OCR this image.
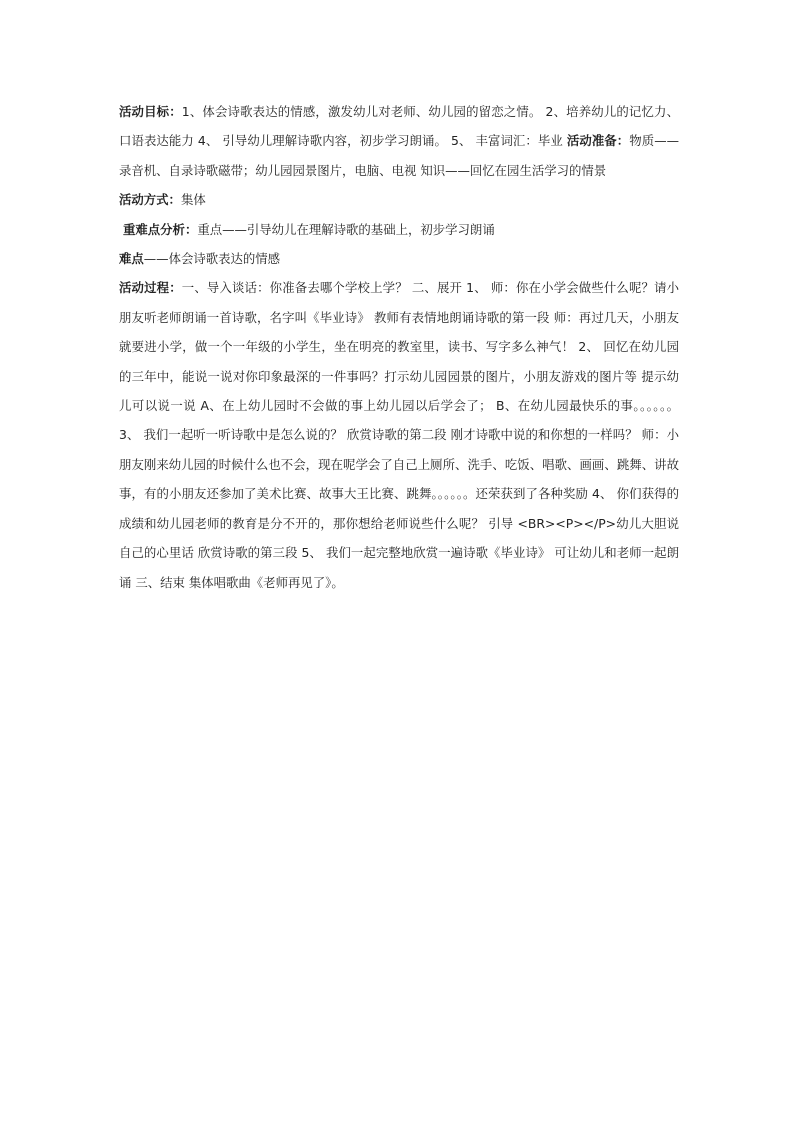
活动目标：1、体会诗歌表达的情感，激发幼儿对老师、幼儿园的留恋之情。 2、培养幼儿的记忆力、口语表达能力 4、 引导幼儿理解诗歌内容，初步学习朗诵。 5、 丰富词汇：毕业 活动准备：物质——录音机、自录诗歌磁带；幼儿园园景图片，电脑、电视 知识——回忆在园生活学习的情景

活动方式：集体

重难点分析：重点——引导幼儿在理解诗歌的基础上，初步学习朗诵

难点——体会诗歌表达的情感

活动过程：一、导入谈话：你准备去哪个学校上学？ 二、展开 1、 师：你在小学会做些什么呢？请小朋友听老师朗诵一首诗歌，名字叫《毕业诗》 教师有表情地朗诵诗歌的第一段 师：再过几天，小朋友就要进小学，做一个一年级的小学生，坐在明亮的教室里，读书、写字多么神气！ 2、 回忆在幼儿园的三年中，能说一说对你印象最深的一件事吗？打示幼儿园园景的图片，小朋友游戏的图片等 提示幼儿可以说一说 A、在上幼儿园时不会做的事上幼儿园以后学会了； B、在幼儿园最快乐的事。。。。。。 3、 我们一起听一听诗歌中是怎么说的？ 欣赏诗歌的第二段 刚才诗歌中说的和你想的一样吗？ 师：小朋友刚来幼儿园的时候什么也不会，现在呢学会了自己上厕所、洗手、吃饭、唱歌、画画、跳舞、讲故事，有的小朋友还参加了美术比赛、故事大王比赛、跳舞。。。。。。还荣获到了各种奖励 4、 你们获得的成绩和幼儿园老师的教育是分不开的，那你想给老师说些什么呢？ 引导 <BR><P></P>幼儿大胆说自己的心里话 欣赏诗歌的第三段 5、 我们一起完整地欣赏一遍诗歌《毕业诗》 可让幼儿和老师一起朗诵 三、结束 集体唱歌曲《老师再见了》。
